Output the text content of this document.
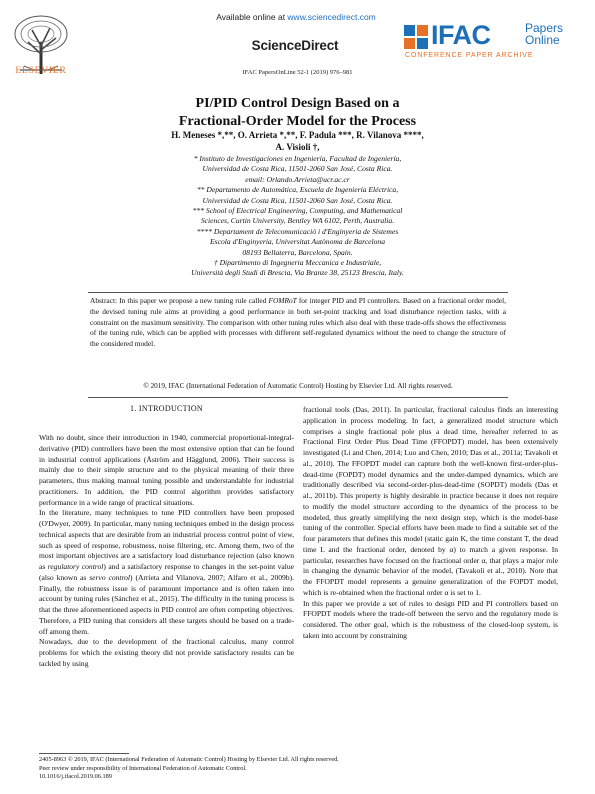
ELSEVIER
Available online at www.sciencedirect.com
ScienceDirect
IFAC PapersOnLine 52-1 (2019) 976–981
IFAC	Papers
Online
CONFERENCE PAPER ARCHIVE
PI/PID Control Design Based on a
Fractional-Order Model for the Process
H. Meneses *,**, O. Arrieta *,**, F. Padula ***, R. Vilanova ****,
A. Visioli †,
* Instituto de Investigaciones en Ingeniería, Facultad de Ingeniería,
Universidad de Costa Rica, 11501-2060 San José, Costa Rica.
email: Orlando.Arrieta@ucr.ac.cr
** Departamento de Automática, Escuela de Ingeniería Eléctrica,
Universidad de Costa Rica, 11501-2060 San José, Costa Rica.
*** School of Electrical Engineering, Computing, and Mathematical
Sciences, Curtin University, Bentley WA 6102, Perth, Australia.
**** Departament de Telecomunicació i d'Enginyeria de Sistemes
Escola d'Enginyeria, Universitat Autònoma de Barcelona
08193 Bellaterra, Barcelona, Spain.
† Dipartimento di Ingegneria Meccanica e Industriale,
Università degli Studi di Brescia, Via Branze 38, 25123 Brescia, Italy.
Abstract: In this paper we propose a new tuning rule called FOMRoT for integer PID and PI controllers. Based on a fractional order model, the devised tuning rule aims at providing a good performance in both set-point tracking and load disturbance rejection tasks, with a constraint on the maximum sensitivity. The comparison with other tuning rules which also deal with these trade-offs shows the effectiveness of the tuning rule, which can be applied with processes with different self-regulated dynamics without the need to change the structure of the considered model.
© 2019, IFAC (International Federation of Automatic Control) Hosting by Elsevier Ltd. All rights reserved.
1. INTRODUCTION

With no doubt, since their introduction in 1940, commercial proportional-integral-derivative (PID) controllers have been the most extensive option that can be found in industrial control applications (Åström and Hägglund, 2006). Their success is mainly due to their simple structure and to the physical meaning of their three parameters, thus making manual tuning possible and understandable for industrial practitioners. In addition, the PID control algorithm provides satisfactory performance in a wide range of practical situations.

In the literature, many techniques to tune PID controllers have been proposed (O'Dwyer, 2009). In particular, many tuning techniques embed in the design process technical aspects that are desirable from an industrial process control point of view, such as speed of response, robustness, noise filtering, etc. Among them, two of the most important objectives are a satisfactory load disturbance rejection (also known as regulatory control) and a satisfactory response to changes in the set-point value (also known as servo control) (Arrieta and Vilanova, 2007; Alfaro et al., 2009b). Finally, the robustness issue is of paramount importance and is often taken into account by tuning rules (Sánchez et al., 2015). The difficulty in the tuning process is that the three aforementioned aspects in PID control are often competing objectives. Therefore, a PID tuning that considers all these targets should be based on a trade-off among them.

Nowadays, due to the development of the fractional calculus, many control problems for which the existing theory did not provide satisfactory results can be tackled by using

fractional tools (Das, 2011). In particular, fractional calculus finds an interesting application in process modeling. In fact, a generalized model structure which comprises a single fractional pole plus a dead time, hereafter referred to as Fractional First Order Plus Dead Time (FFOPDT) model, has been extensively investigated (Li and Chen, 2014; Luo and Chen, 2010; Das et al., 2011a; Tavakoli et al., 2010). The FFOPDT model can capture both the well-known first-order-plus-dead-time (FOPDT) model dynamics and the under-damped dynamics, which are traditionally described via second-order-plus-dead-time (SOPDT) models (Das et al., 2011b). This property is highly desirable in practice because it does not require to modify the model structure according to the dynamics of the process to be modeled, thus greatly simplifying the next design step, which is the model-base tuning of the controller. Special efforts have been made to find a suitable set of the four parameters that defines this model (static gain K, the time constant T, the dead time L and the fractional order, denoted by α) to match a given response. In particular, researches have focused on the fractional order α, that plays a major role in changing the dynamic behavior of the model, (Tavakoli et al., 2010). Note that the FFOPDT model represents a genuine generalization of the FOPDT model, which is re-obtained when the fractional order α is set to 1.

In this paper we provide a set of rules to design PID and PI controllers based on FFOPDT models where the trade-off between the servo and the regulatory mode is considered. The other goal, which is the robustness of the closed-loop system, is taken into account by constraining

2405-8963 © 2019, IFAC (International Federation of Automatic Control) Hosting by Elsevier Ltd. All rights reserved.
Peer review under responsibility of International Federation of Automatic Control.
10.1016/j.ifacol.2019.06.189
